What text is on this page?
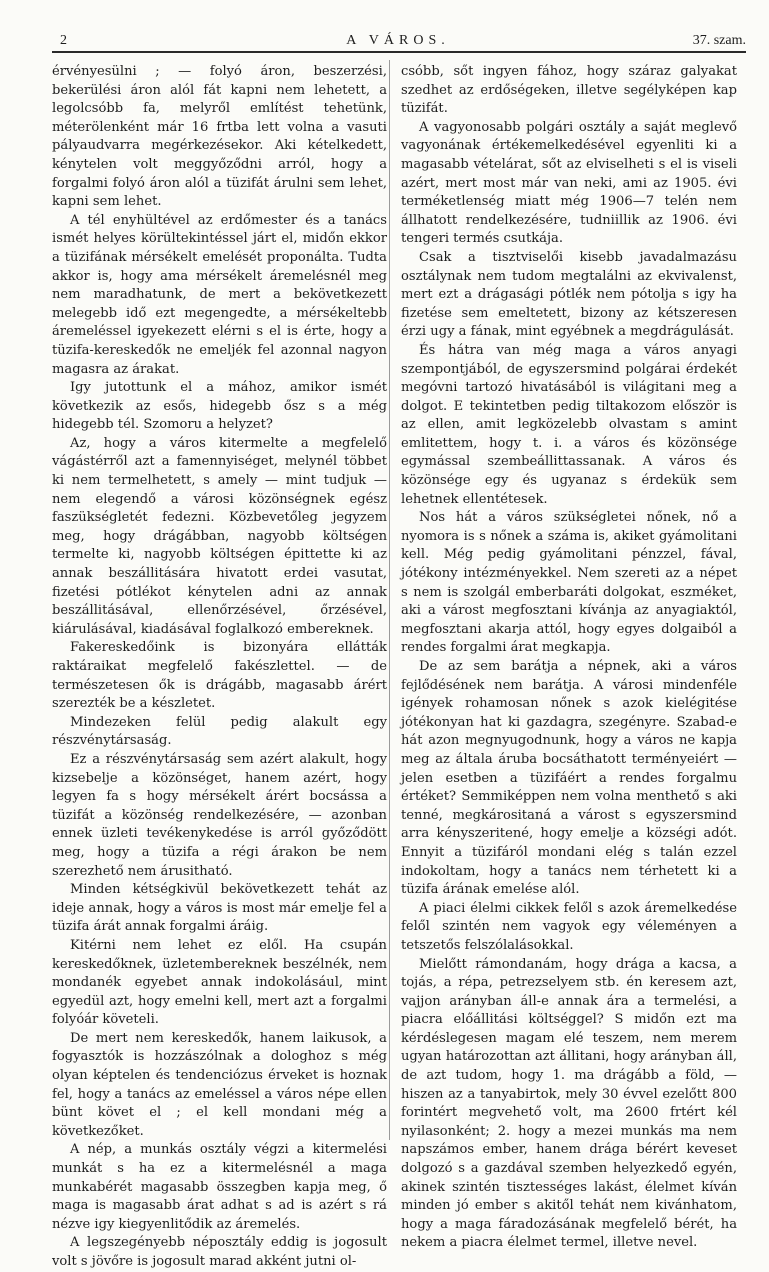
2	A VÁROS.	37. szam.

érvényesülni ; — folyó áron, beszerzési, bekerülési áron alól fát kapni nem lehetett, a legolcsóbb fa, melyről említést tehetünk, méterölenként már 16 frtba lett volna a vasuti pályaudvarra megérkezésekor. Aki kételkedett, kénytelen volt meggyőződni arról, hogy a forgalmi folyó áron alól a tüzifát árulni sem lehet, kapni sem lehet.

A tél enyhültével az erdőmester és a tanács ismét helyes körültekintéssel járt el, midőn ekkor a tüzifának mérsékelt emelését proponálta. Tudta akkor is, hogy ama mérsékelt áremelésnél meg nem maradhatunk, de mert a bekövetkezett melegebb idő ezt megengedte, a mérsékeltebb áremeléssel igyekezett elérni s el is érte, hogy a tüzifa-kereskedők ne emeljék fel azonnal nagyon magasra az árakat.

Igy jutottunk el a mához, amikor ismét következik az esős, hidegebb ősz s a még hidegebb tél. Szomoru a helyzet?

Az, hogy a város kitermelte a megfelelő vágástérről azt a famennyiséget, melynél többet ki nem termelhetett, s amely — mint tudjuk — nem elegendő a városi közönségnek egész faszükségletét fedezni. Közbevetőleg jegyzem meg, hogy drágábban, nagyobb költségen termelte ki, nagyobb költségen épittette ki az annak beszállitására hivatott erdei vasutat, fizetési pótlékot kénytelen adni az annak beszállitásával, ellenőrzésével, őrzésével, kiárulásával, kiadásával foglalkozó embereknek.

Fakereskedőink is bizonyára ellátták raktáraikat megfelelő fakészlettel. — de természetesen ők is drágább, magasabb árért szerezték be a készletet.

Mindezeken felül pedig alakult egy részvénytársaság.

Ez a részvénytársaság sem azért alakult, hogy kizsebelje a közönséget, hanem azért, hogy legyen fa s hogy mérsékelt árért bocsássa a tüzifát a közönség rendelkezésére, — azonban ennek üzleti tevékenykedése is arról győződött meg, hogy a tüzifa a régi árakon be nem szerezhető nem árusitható.

Minden kétségkivül bekövetkezett tehát az ideje annak, hogy a város is most már emelje fel a tüzifa árát annak forgalmi áráig.

Kitérni nem lehet ez elől. Ha csupán kereskedőknek, üzletembereknek beszélnék, nem mondanék egyebet annak indokolásául, mint egyedül azt, hogy emelni kell, mert azt a forgalmi folyóár követeli.

De mert nem kereskedők, hanem laikusok, a fogyasztók is hozzászólnak a dologhoz s még olyan képtelen és tendenciózus érveket is hoznak fel, hogy a tanács az emeléssel a város népe ellen bünt követ el ; el kell mondani még a következőket.

A nép, a munkás osztály végzi a kitermelési munkát s ha ez a kitermelésnél a maga munkabérét magasabb összegben kapja meg, ő maga is magasabb árat adhat s ad is azért s rá nézve igy kiegyenlitődik az áremelés.

A legszegényebb néposztály eddig is jogosult volt s jövőre is jogosult marad akként jutni ol-

csóbb, sőt ingyen fához, hogy száraz galyakat szedhet az erdőségeken, illetve segélyképen kap tüzifát.

A vagyonosabb polgári osztály a saját meglevő vagyonának értékemelkedésével egyenliti ki a magasabb vételárat, sőt az elviselheti s el is viseli azért, mert most már van neki, ami az 1905. évi terméketlenség miatt még 1906—7 telén nem állhatott rendelkezésére, tudniillik az 1906. évi tengeri termés csutkája.

Csak a tisztviselői kisebb javadalmazásu osztálynak nem tudom megtalálni az ekvivalenst, mert ezt a drágasági pótlék nem pótolja s igy ha fizetése sem emeltetett, bizony az kétszeresen érzi ugy a fának, mint egyébnek a megdrágulását.

És hátra van még maga a város anyagi szempontjából, de egyszersmind polgárai érdekét megóvni tartozó hivatásából is világitani meg a dolgot. E tekintetben pedig tiltakozom először is az ellen, amit legközelebb olvastam s amint emlitettem, hogy t. i. a város és közönsége egymással szembeállittassanak. A város és közönsége egy és ugyanaz s érdekük sem lehetnek ellentétesek.

Nos hát a város szükségletei nőnek, nő a nyomora is s nőnek a száma is, akiket gyámolitani kell. Még pedig gyámolitani pénzzel, fával, jótékony intézményekkel. Nem szereti az a népet s nem is szolgál emberbaráti dolgokat, eszméket, aki a várost megfosztani kívánja az anyagiaktól, megfosztani akarja attól, hogy egyes dolgaiból a rendes forgalmi árat megkapja.

De az sem barátja a népnek, aki a város fejlődésének nem barátja. A városi mindenféle igények rohamosan nőnek s azok kielégitése jótékonyan hat ki gazdagra, szegényre. Szabad-e hát azon megnyugodnunk, hogy a város ne kapja meg az általa áruba bocsáthatott terményeiért — jelen esetben a tüzifáért a rendes forgalmu értéket? Semmiképpen nem volna menthető s aki tenné, megkárositaná a várost s egyszersmind arra kényszeritené, hogy emelje a községi adót. Ennyit a tüzifáról mondani elég s talán ezzel indokoltam, hogy a tanács nem térhetett ki a tüzifa árának emelése alól.

A piaci élelmi cikkek felől s azok áremelkedése felől szintén nem vagyok egy véleményen a tetszetős felszólalásokkal.

Mielőtt rámondanám, hogy drága a kacsa, a tojás, a répa, petrezselyem stb. én keresem azt, vajjon arányban áll-e annak ára a termelési, a piacra előállitási költséggel? S midőn ezt ma kérdéslegesen magam elé teszem, nem merem ugyan határozottan azt állitani, hogy arányban áll, de azt tudom, hogy 1. ma drágább a föld, — hiszen az a tanyabirtok, mely 30 évvel ezelőtt 800 forintért megvehető volt, ma 2600 frtért kél nyilasonként; 2. hogy a mezei munkás ma nem napszámos ember, hanem drága bérért keveset dolgozó s a gazdával szemben helyezkedő egyén, akinek szintén tisztességes lakást, élelmet kíván minden jó ember s akitől tehát nem kivánhatom, hogy a maga fáradozásának megfelelő bérét, ha nekem a piacra élelmet termel, illetve nevel.
